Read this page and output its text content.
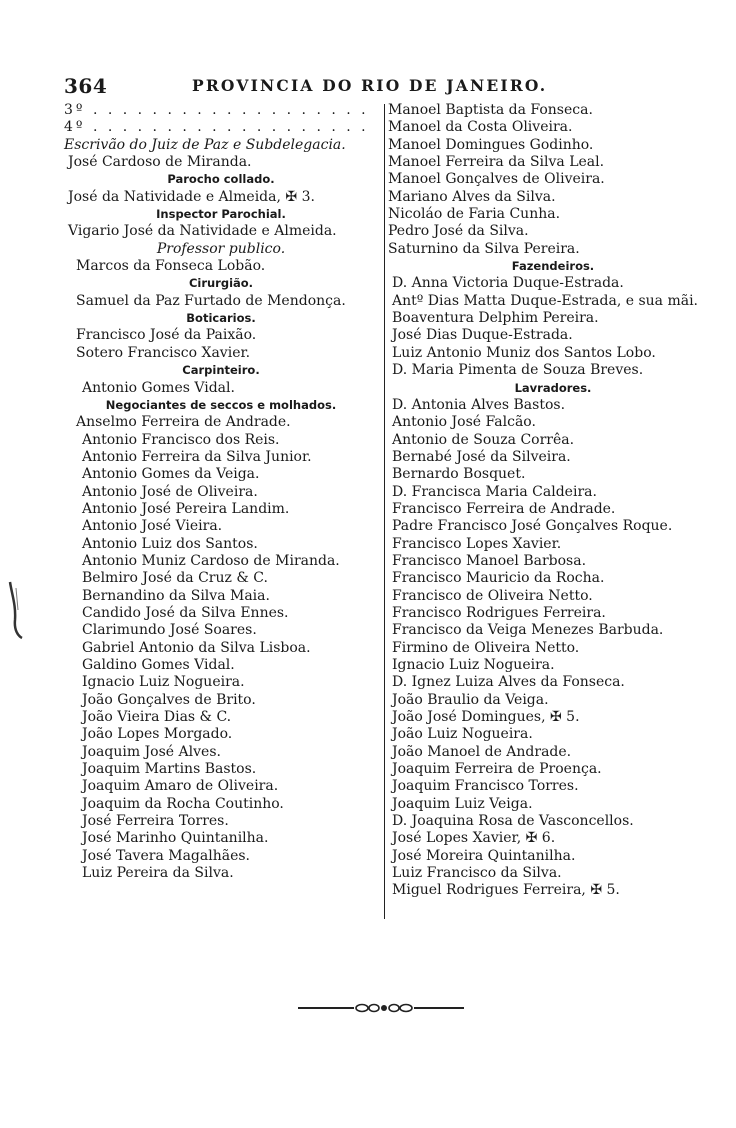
364	PROVINCIA DO RIO DE JANEIRO.
3º . . . . . . . . . . . . . . . . . . .
4º . . . . . . . . . . . . . . . . . . .
Escrivão do Juiz de Paz e Subdelegacia.
José Cardoso de Miranda.
Parocho collado.
José da Natividade e Almeida, ✠ 3.
Inspector Parochial.
Vigario José da Natividade e Almeida.
Professor publico.
Marcos da Fonseca Lobão.
Cirurgião.
Samuel da Paz Furtado de Mendonça.
Boticarios.
Francisco José da Paixão.
Sotero Francisco Xavier.
Carpinteiro.
Antonio Gomes Vidal.
Negociantes de seccos e molhados.
Anselmo Ferreira de Andrade.
Antonio Francisco dos Reis.
Antonio Ferreira da Silva Junior.
Antonio Gomes da Veiga.
Antonio José de Oliveira.
Antonio José Pereira Landim.
Antonio José Vieira.
Antonio Luiz dos Santos.
Antonio Muniz Cardoso de Miranda.
Belmiro José da Cruz & C.
Bernandino da Silva Maia.
Candido José da Silva Ennes.
Clarimundo José Soares.
Gabriel Antonio da Silva Lisboa.
Galdino Gomes Vidal.
Ignacio Luiz Nogueira.
João Gonçalves de Brito.
João Vieira Dias & C.
João Lopes Morgado.
Joaquim José Alves.
Joaquim Martins Bastos.
Joaquim Amaro de Oliveira.
Joaquim da Rocha Coutinho.
José Ferreira Torres.
José Marinho Quintanilha.
José Tavera Magalhães.
Luiz Pereira da Silva.
Manoel Baptista da Fonseca.
Manoel da Costa Oliveira.
Manoel Domingues Godinho.
Manoel Ferreira da Silva Leal.
Manoel Gonçalves de Oliveira.
Mariano Alves da Silva.
Nicoláo de Faria Cunha.
Pedro José da Silva.
Saturnino da Silva Pereira.
Fazendeiros.
D. Anna Victoria Duque-Estrada.
Antº Dias Matta Duque-Estrada, e sua mãi.
Boaventura Delphim Pereira.
José Dias Duque-Estrada.
Luiz Antonio Muniz dos Santos Lobo.
D. Maria Pimenta de Souza Breves.
Lavradores.
D. Antonia Alves Bastos.
Antonio José Falcão.
Antonio de Souza Corrêa.
Bernabé José da Silveira.
Bernardo Bosquet.
D. Francisca Maria Caldeira.
Francisco Ferreira de Andrade.
Padre Francisco José Gonçalves Roque.
Francisco Lopes Xavier.
Francisco Manoel Barbosa.
Francisco Mauricio da Rocha.
Francisco de Oliveira Netto.
Francisco Rodrigues Ferreira.
Francisco da Veiga Menezes Barbuda.
Firmino de Oliveira Netto.
Ignacio Luiz Nogueira.
D. Ignez Luiza Alves da Fonseca.
João Braulio da Veiga.
João José Domingues, ✠ 5.
João Luiz Nogueira.
João Manoel de Andrade.
Joaquim Ferreira de Proença.
Joaquim Francisco Torres.
Joaquim Luiz Veiga.
D. Joaquina Rosa de Vasconcellos.
José Lopes Xavier, ✠ 6.
José Moreira Quintanilha.
Luiz Francisco da Silva.
Miguel Rodrigues Ferreira, ✠ 5.
